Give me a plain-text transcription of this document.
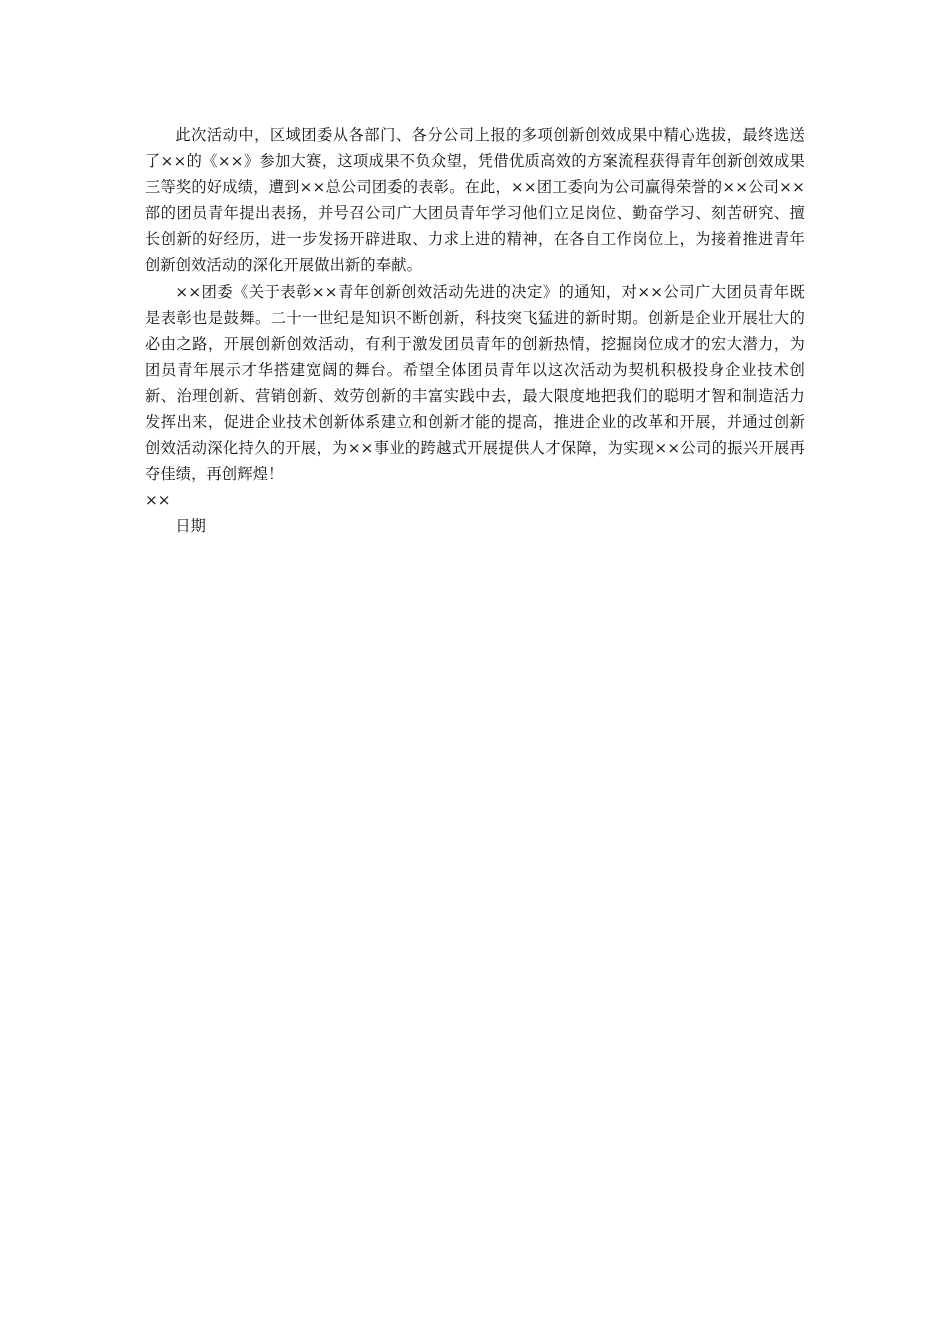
此次活动中，区域团委从各部门、各分公司上报的多项创新创效成果中精心选拔，最终选送了××的《××》参加大赛，这项成果不负众望，凭借优质高效的方案流程获得青年创新创效成果三等奖的好成绩，遭到××总公司团委的表彰。在此，××团工委向为公司赢得荣誉的××公司××部的团员青年提出表扬，并号召公司广大团员青年学习他们立足岗位、勤奋学习、刻苦研究、擅长创新的好经历，进一步发扬开辟进取、力求上进的精神，在各自工作岗位上，为接着推进青年创新创效活动的深化开展做出新的奉献。

××团委《关于表彰××青年创新创效活动先进的决定》的通知，对××公司广大团员青年既是表彰也是鼓舞。二十一世纪是知识不断创新，科技突飞猛进的新时期。创新是企业开展壮大的必由之路，开展创新创效活动，有利于激发团员青年的创新热情，挖掘岗位成才的宏大潜力，为团员青年展示才华搭建宽阔的舞台。希望全体团员青年以这次活动为契机积极投身企业技术创新、治理创新、营销创新、效劳创新的丰富实践中去，最大限度地把我们的聪明才智和制造活力发挥出来，促进企业技术创新体系建立和创新才能的提高，推进企业的改革和开展，并通过创新创效活动深化持久的开展，为××事业的跨越式开展提供人才保障，为实现××公司的振兴开展再夺佳绩，再创辉煌！

××

日期
